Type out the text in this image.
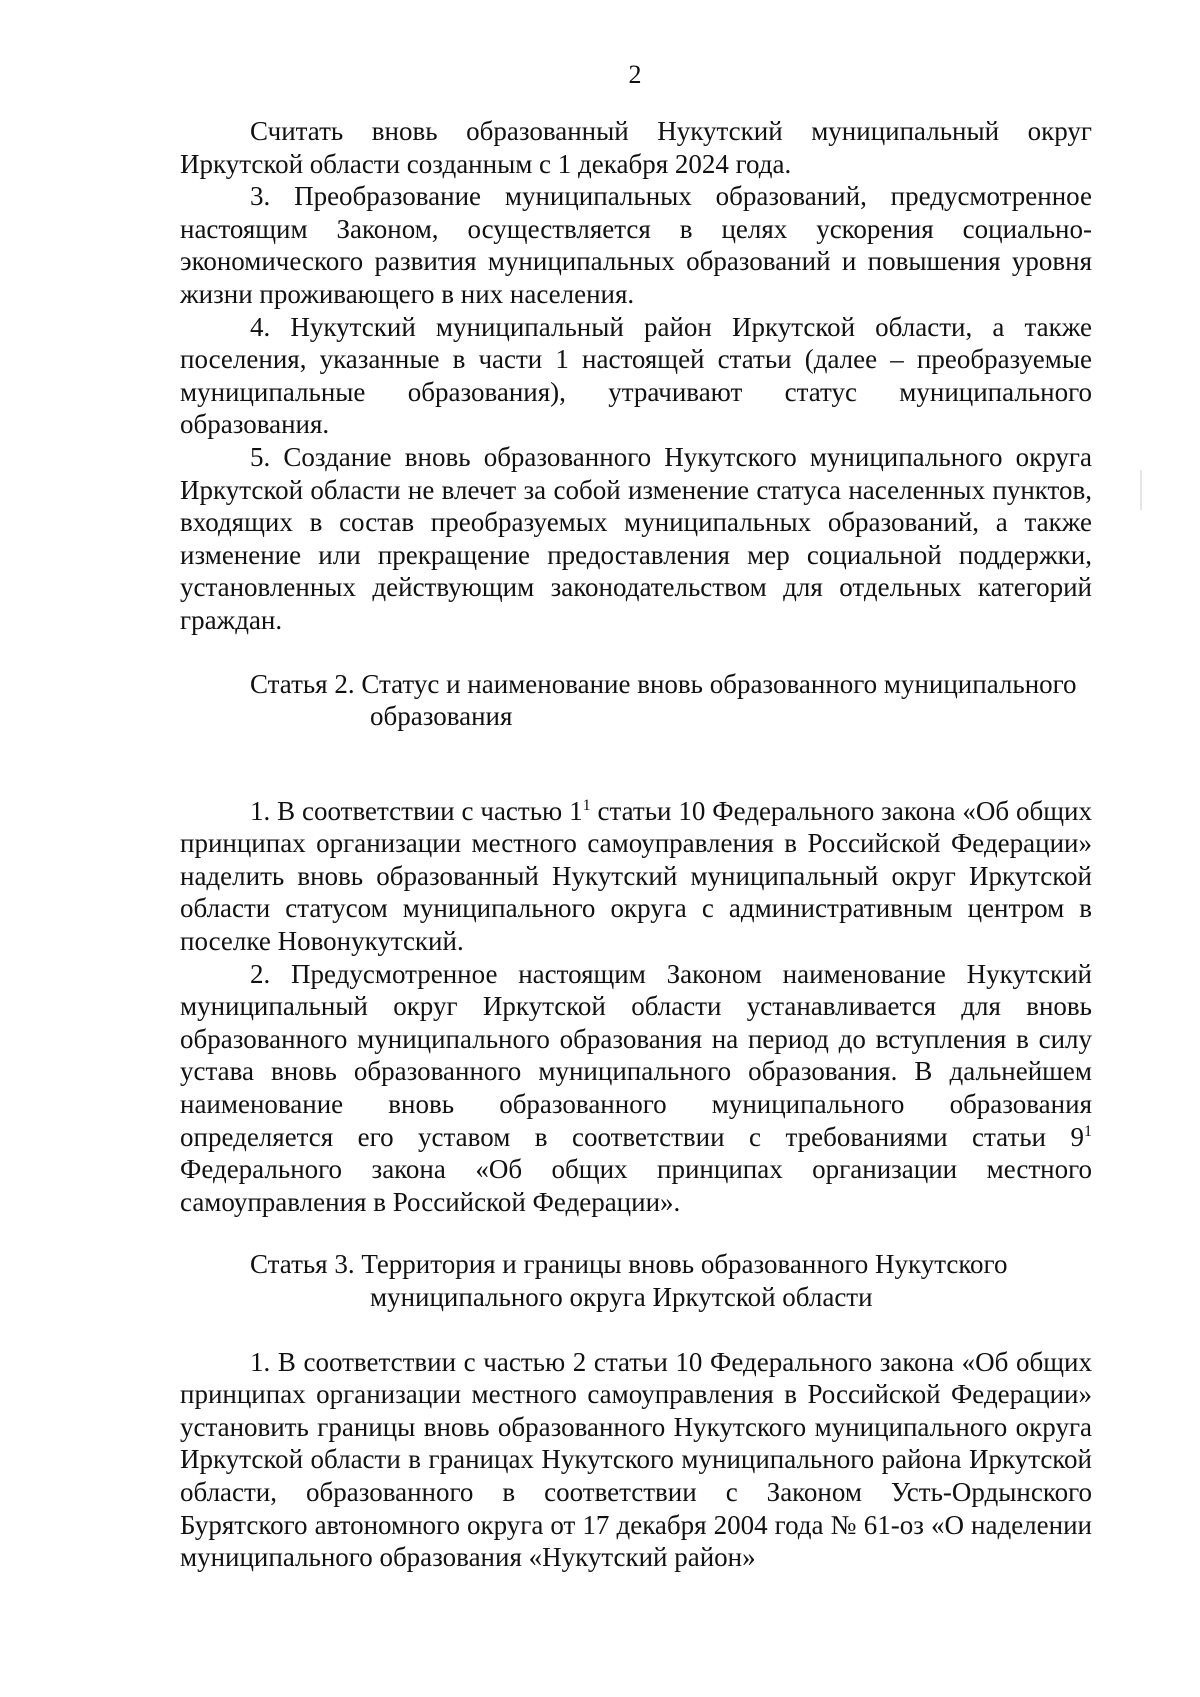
2

Считать вновь образованный Нукутский муниципальный округ Иркутской области созданным с 1 декабря 2024 года.

3. Преобразование муниципальных образований, предусмотренное настоящим Законом, осуществляется в целях ускорения социально-экономического развития муниципальных образований и повышения уровня жизни проживающего в них населения.

4. Нукутский муниципальный район Иркутской области, а также поселения, указанные в части 1 настоящей статьи (далее – преобразуемые муниципальные образования), утрачивают статус муниципального образования.

5. Создание вновь образованного Нукутского муниципального округа Иркутской области не влечет за собой изменение статуса населенных пунктов, входящих в состав преобразуемых муниципальных образований, а также изменение или прекращение предоставления мер социальной поддержки, установленных действующим законодательством для отдельных категорий граждан.

Статья 2. Статус и наименование вновь образованного муниципального образования

1. В соответствии с частью $1^1$ статьи 10 Федерального закона «Об общих принципах организации местного самоуправления в Российской Федерации» наделить вновь образованный Нукутский муниципальный округ Иркутской области статусом муниципального округа с административным центром в поселке Новонукутский.

2. Предусмотренное настоящим Законом наименование Нукутский муниципальный округ Иркутской области устанавливается для вновь образованного муниципального образования на период до вступления в силу устава вновь образованного муниципального образования. В дальнейшем наименование вновь образованного муниципального образования определяется его уставом в соответствии с требованиями статьи $9^1$ Федерального закона «Об общих принципах организации местного самоуправления в Российской Федерации».

Статья 3. Территория и границы вновь образованного Нукутского муниципального округа Иркутской области

1. В соответствии с частью 2 статьи 10 Федерального закона «Об общих принципах организации местного самоуправления в Российской Федерации» установить границы вновь образованного Нукутского муниципального округа Иркутской области в границах Нукутского муниципального района Иркутской области, образованного в соответствии с Законом Усть-Ордынского Бурятского автономного округа от 17 декабря 2004 года № 61-оз «О наделении муниципального образования «Нукутский район»
